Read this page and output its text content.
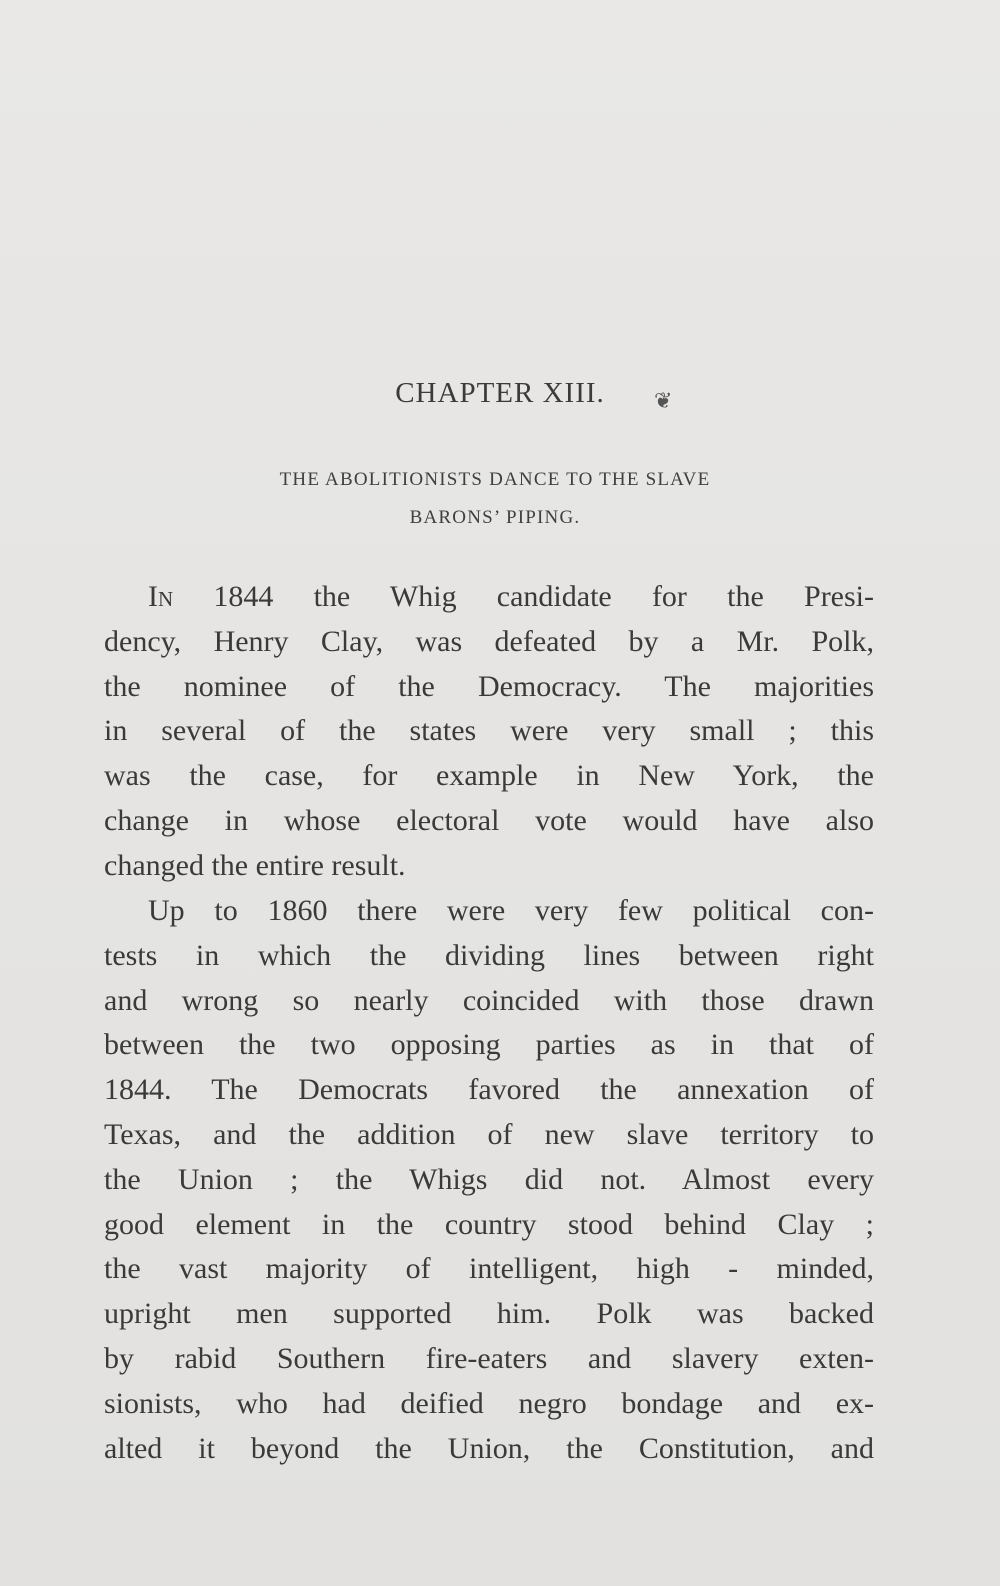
CHAPTER XIII.	❦
THE ABOLITIONISTS DANCE TO THE SLAVE
BARONS’ PIPING.
In 1844 the Whig candidate for the Presi-
dency, Henry Clay, was defeated by a Mr. Polk,
the nominee of the Democracy. The majorities
in several of the states were very small ; this
was the case, for example in New York, the
change in whose electoral vote would have also
changed the entire result.
Up to 1860 there were very few political con-
tests in which the dividing lines between right
and wrong so nearly coincided with those drawn
between the two opposing parties as in that of
1844. The Democrats favored the annexation of
Texas, and the addition of new slave territory to
the Union ; the Whigs did not. Almost every
good element in the country stood behind Clay ;
the vast majority of intelligent, high - minded,
upright men supported him. Polk was backed
by rabid Southern fire-eaters and slavery exten-
sionists, who had deified negro bondage and ex-
alted it beyond the Union, the Constitution, and
